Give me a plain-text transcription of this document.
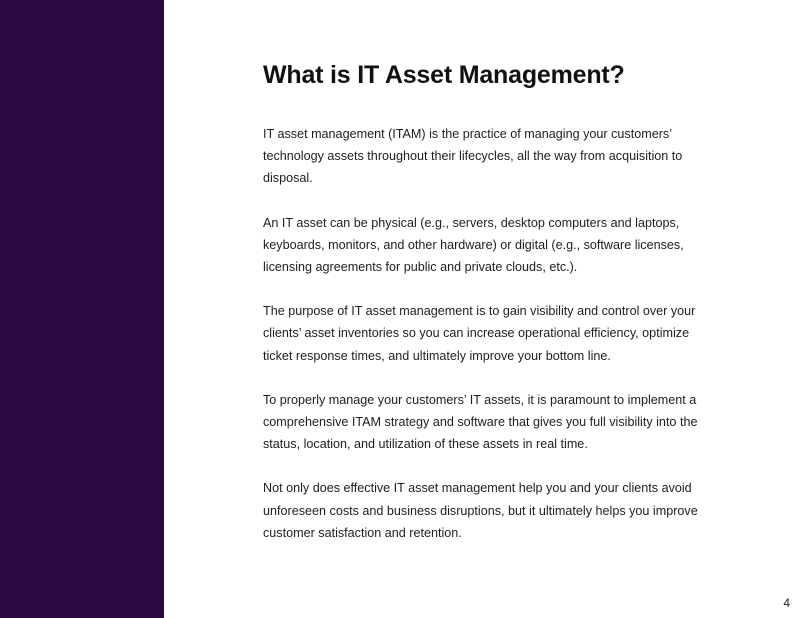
What is IT Asset Management?

IT asset management (ITAM) is the practice of managing your customers’ technology assets throughout their lifecycles, all the way from acquisition to disposal.

An IT asset can be physical (e.g., servers, desktop computers and laptops, keyboards, monitors, and other hardware) or digital (e.g., software licenses, licensing agreements for public and private clouds, etc.).

The purpose of IT asset management is to gain visibility and control over your clients’ asset inventories so you can increase operational efficiency, optimize ticket response times, and ultimately improve your bottom line.

To properly manage your customers’ IT assets, it is paramount to implement a comprehensive ITAM strategy and software that gives you full visibility into the status, location, and utilization of these assets in real time.

Not only does effective IT asset management help you and your clients avoid unforeseen costs and business disruptions, but it ultimately helps you improve customer satisfaction and retention.

4
